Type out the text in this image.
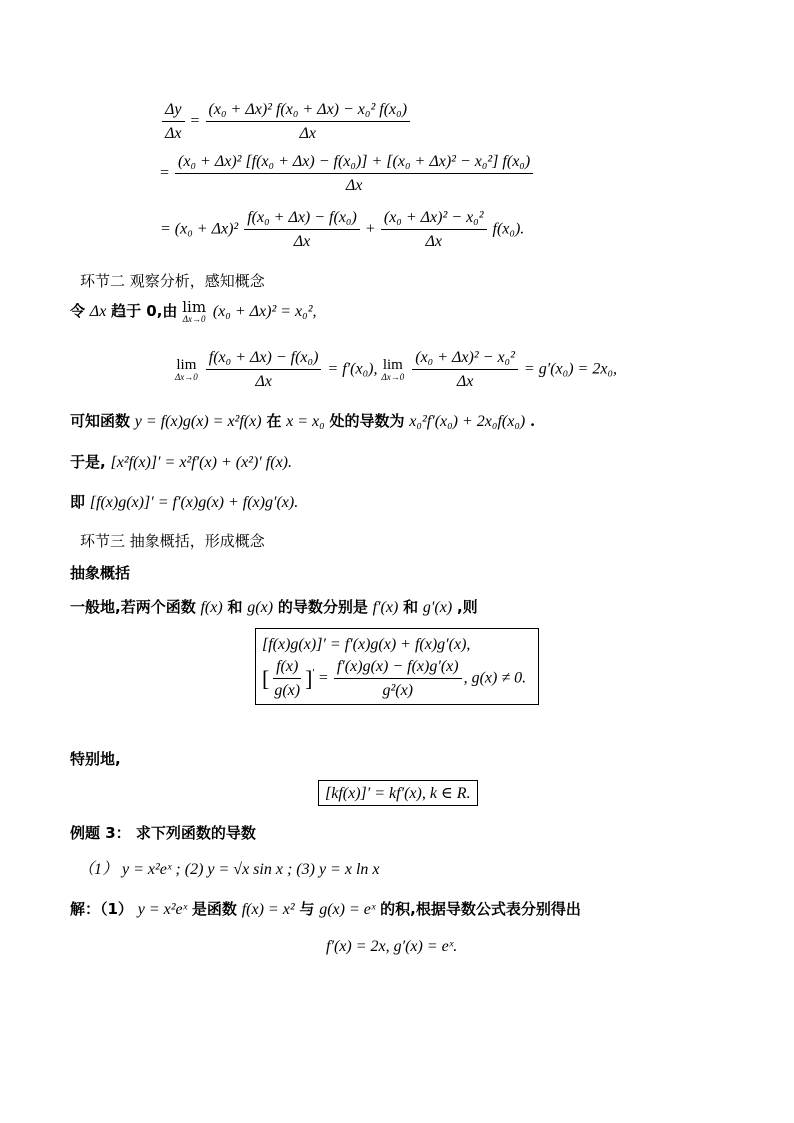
$\frac{\Delta y}{\Delta x} = \frac{\text{(x₀ + Δx)² f(x₀ + Δx) − x₀² f(x₀)}}{\Delta x}$
= $\frac{\text{(x₀ + Δx)² [f(x₀ + Δx) − f(x₀)] + [(x₀ + Δx)² − x₀²] f(x₀)}}{\Delta x}$
= $(x_0 + \Delta x)^2 \frac{\text{f(x₀ + Δx) − f(x₀)}}{\Delta x} + \frac{\text{(x₀ + Δx)² − x₀²}}{\Delta x} f(x_0)$.
环节二 观察分析，感知概念
令 Δx 趋于 0,由 lim
Δx→0 (x₀ + Δx)² = x₀²,
lim
Δx→0
$\frac{\text{f(x₀ + Δx) − f(x₀)}}{\Delta x} = f'(x_0)$, lim
Δx→0
$\frac{\text{(x₀ + Δx)² − x₀²}}{\Delta x} = g'(x_0) = 2x_0$,
可知函数 y = f(x)g(x) = x²f(x) 在 x = x₀ 处的导数为 x₀²f′(x₀) + 2x₀f(x₀) .
于是, [x²f(x)]′ = x²f′(x) + (x²)′ f(x).
即 [f(x)g(x)]′ = f′(x)g(x) + f(x)g′(x).
环节三 抽象概括，形成概念
抽象概括
一般地,若两个函数 f(x) 和 g(x) 的导数分别是 f′(x) 和 g′(x) ,则
[f(x)g(x)]′ = f′(x)g(x) + f(x)g′(x),
[ $\frac{f(x)}{g(x)} ]' = \frac{f'(x)g(x) - f(x)g'(x)}{\text{g²(x)}}$ , g(x) ≠ 0.
特别地,
[kf(x)]′ = kf′(x), k ∈ R.
例题 3： 求下列函数的导数
（1） y = x²eˣ ; (2) y = √x sin x ; (3) y = x ln x
解：（1） y = x²eˣ 是函数 f(x) = x² 与 g(x) = eˣ 的积,根据导数公式表分别得出
f′(x) = 2x, g′(x) = eˣ.
